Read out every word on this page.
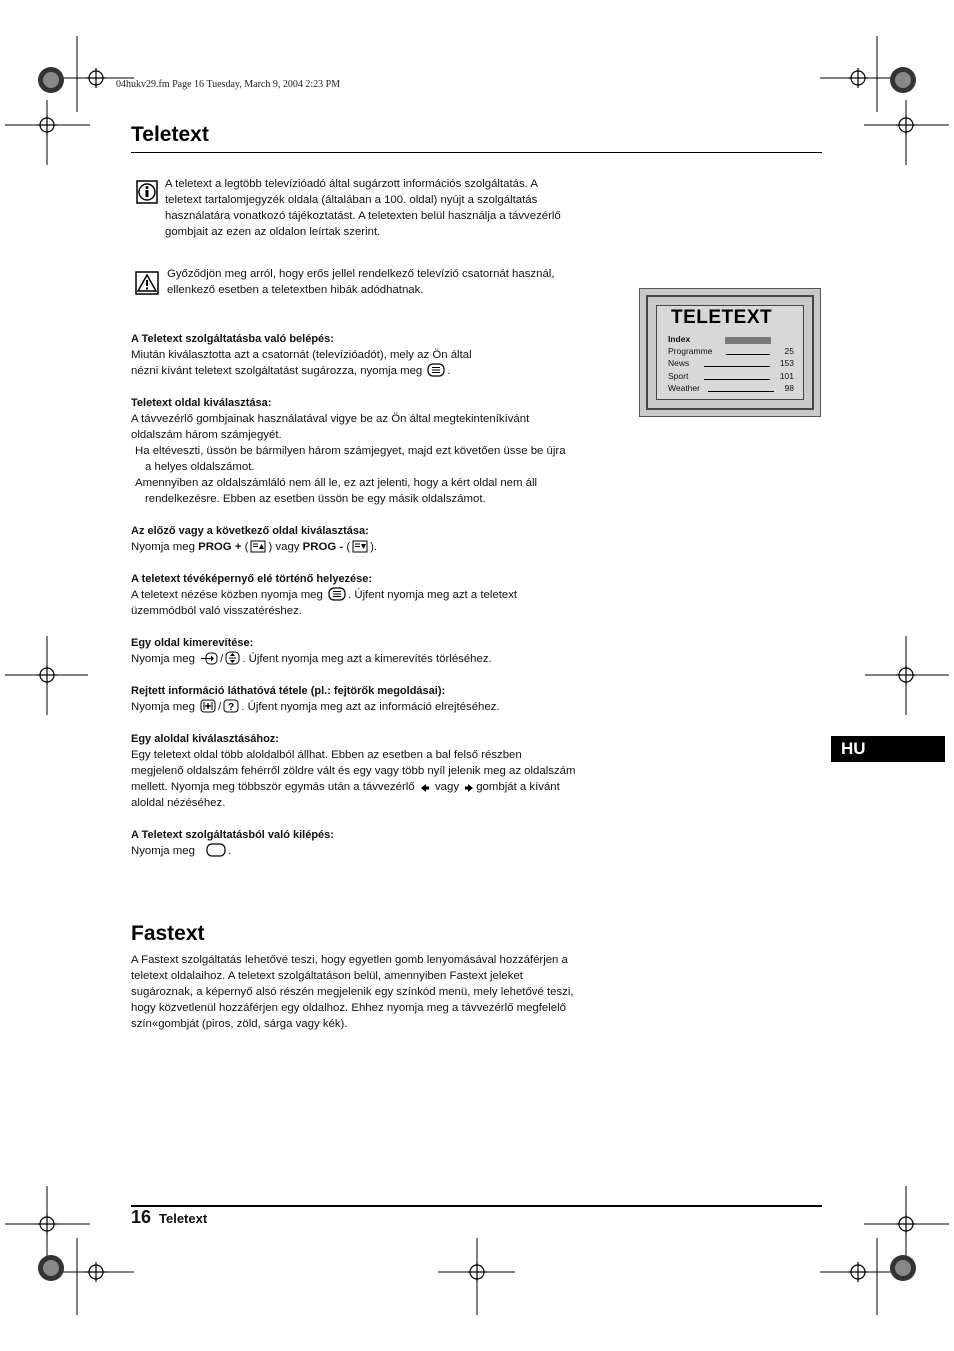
04hukv29.fm Page 16 Tuesday, March 9, 2004 2:23 PM
Teletext

A teletext a legtöbb televízióadó által sugárzott információs szolgáltatás. A

teletext tartalomjegyzék oldala (általában a 100. oldal) nyújt a szolgáltatás

használatára vonatkozó tájékoztatást. A teletexten belül használja a távvezérlő

gombjait az ezen az oldalon leírtak szerint.

Győződjön meg arról, hogy erős jellel rendelkező televízió csatornát használ,

ellenkező esetben a teletextben hibák adódhatnak.

TELETEXT
Index
Programme	25
News	153
Sport	101
Weather	98

A Teletext szolgáltatásba való belépés:

Miután kiválasztotta azt a csatornát (televízióadót), mely az Ön által

nézni kívánt teletext szolgáltatást sugározza, nyomja meg .

Teletext oldal kiválasztása:

A távvezérlő gombjainak használatával vigye be az Ön által megtekinteníkívánt

oldalszám három számjegyét.

Ha eltéveszti, üssön be bármilyen három számjegyet, majd ezt követően üsse be újra

a helyes oldalszámot.

Amennyiben az oldalszámláló nem áll le, ez azt jelenti, hogy a kért oldal nem áll

rendelkezésre. Ebben az esetben üssön be egy másik oldalszámot.

Az előző vagy a következő oldal kiválasztása:

Nyomja meg PROG + ( ) vagy PROG - ( ).

A teletext tévéképernyő elé történő helyezése:

A teletext nézése közben nyomja meg . Újfent nyomja meg azt a teletext

üzemmódból való visszatéréshez.

Egy oldal kimerevítése:

Nyomja meg / . Újfent nyomja meg azt a kimerevítés törléséhez.

Rejtett információ láthatóvá tétele (pl.: fejtörők megoldásai):

Nyomja meg / ? . Újfent nyomja meg azt az információ elrejtéséhez.

Egy aloldal kiválasztásához:

Egy teletext oldal több aloldalból állhat. Ebben az esetben a bal felső részben

megjelenő oldalszám fehérről zöldre vált és egy vagy több nyíl jelenik meg az oldalszám

mellett. Nyomja meg többször egymás után a távvezérlő vagy gombját a kívánt

aloldal nézéséhez.

A Teletext szolgáltatásból való kilépés:

Nyomja meg	.

Fastext

A Fastext szolgáltatás lehetővé teszi, hogy egyetlen gomb lenyomásával hozzáférjen a

teletext oldalaihoz. A teletext szolgáltatáson belül, amennyiben Fastext jeleket

sugároznak, a képernyő alsó részén megjelenik egy színkód menü, mely lehetővé teszi,

hogy közvetlenül hozzáférjen egy oldalhoz. Ehhez nyomja meg a távvezérlő megfelelő

szín«gombját (piros, zöld, sárga vagy kék).

HU
16 Teletext
